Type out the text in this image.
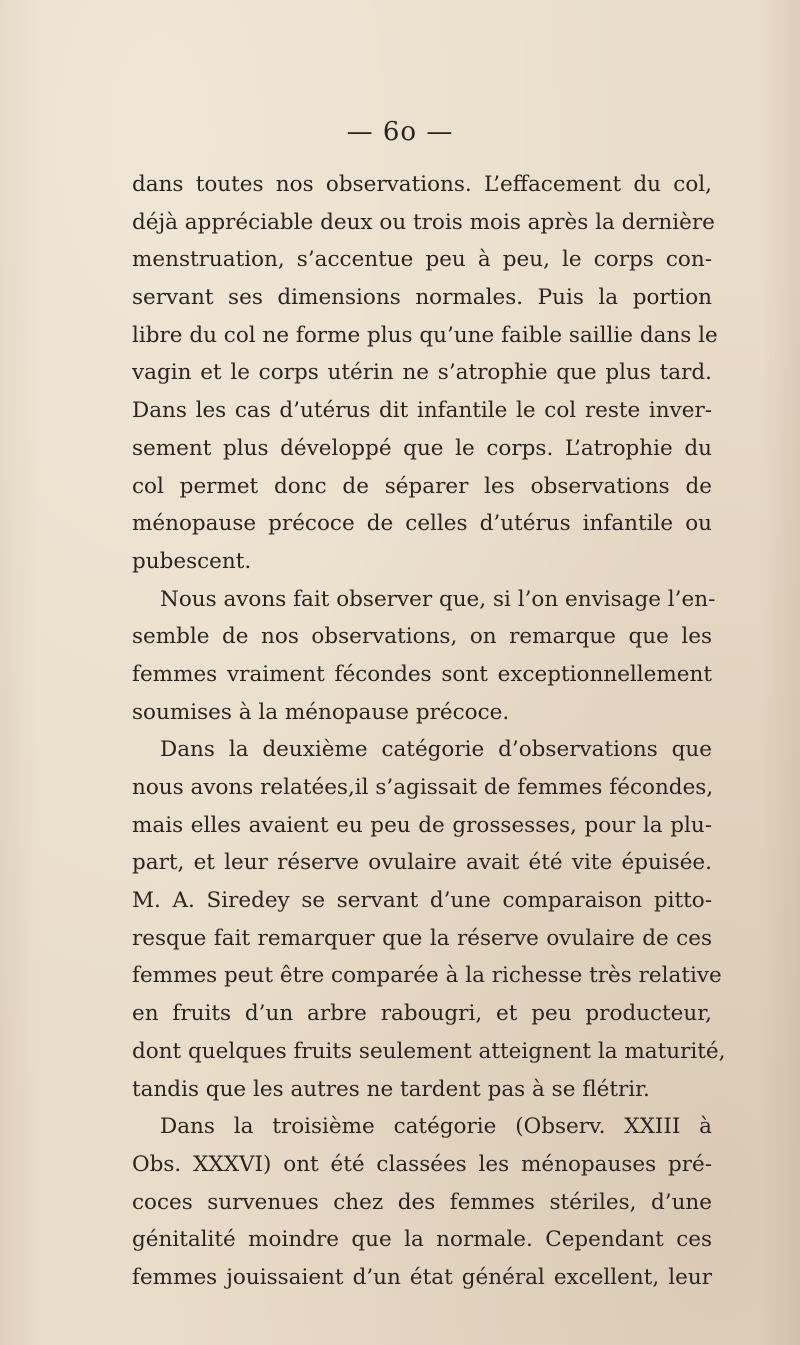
— 6o —
dans toutes nos observations. L’effacement du col,
déjà appréciable deux ou trois mois après la dernière
menstruation, s’accentue peu à peu, le corps con-
servant ses dimensions normales. Puis la portion
libre du col ne forme plus qu’une faible saillie dans le
vagin et le corps utérin ne s’atrophie que plus tard.
Dans les cas d’utérus dit infantile le col reste inver-
sement plus développé que le corps. L’atrophie du
col permet donc de séparer les observations de
ménopause précoce de celles d’utérus infantile ou
pubescent.
Nous avons fait observer que, si l’on envisage l’en-
semble de nos observations, on remarque que les
femmes vraiment fécondes sont exceptionnellement
soumises à la ménopause précoce.
Dans la deuxième catégorie d’observations que
nous avons relatées,il s’agissait de femmes fécondes,
mais elles avaient eu peu de grossesses, pour la plu-
part, et leur réserve ovulaire avait été vite épuisée.
M. A. Siredey se servant d’une comparaison pitto-
resque fait remarquer que la réserve ovulaire de ces
femmes peut être comparée à la richesse très relative
en fruits d’un arbre rabougri, et peu producteur,
dont quelques fruits seulement atteignent la maturité,
tandis que les autres ne tardent pas à se flétrir.
Dans la troisième catégorie (Observ. XXIII à
Obs. XXXVI) ont été classées les ménopauses pré-
coces survenues chez des femmes stériles, d’une
génitalité moindre que la normale. Cependant ces
femmes jouissaient d’un état général excellent, leur
